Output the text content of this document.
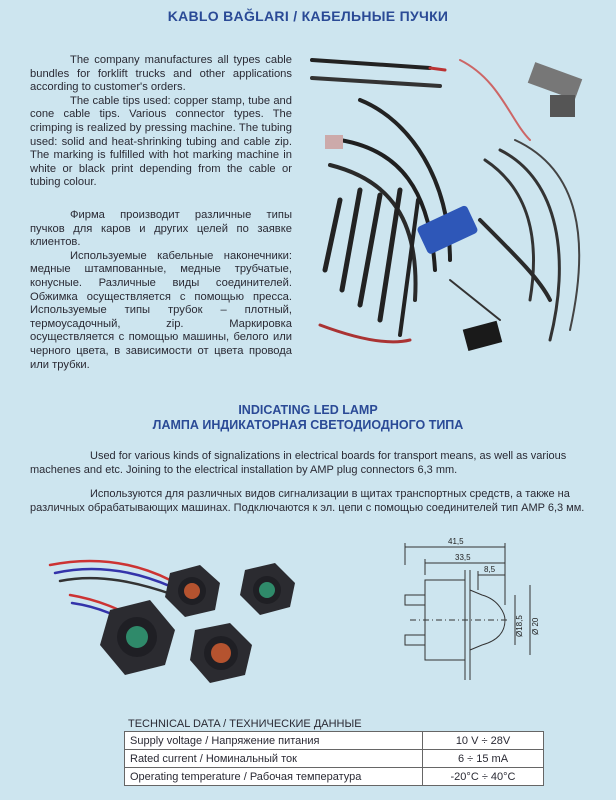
KABLO BAĞLARI / КАБЕЛЬНЫЕ ПУЧКИ

The company manufactures all types cable bundles for forklift trucks and other applications according to customer's orders.

The cable tips used: copper stamp, tube and cone cable tips. Various connector types. The crimping is realized by pressing machine. The tubing used: solid and heat-shrinking tubing and cable zip. The marking is fulfilled with hot marking machine in white or black print depending from the cable or tubing colour.

Фирма производит различные типы пучков для каров и других целей по заявке клиентов.

Используемые кабельные наконечники: медные штампованные, медные трубчатые, конусные. Различные виды соединителей. Обжимка осуществляется с помощью пресса. Используемые типы трубок – плотный, термоусадочный, zip. Маркировка осуществляется с помощью машины, белого или черного цвета, в зависимости от цвета провода или трубки.

INDICATING LED LAMP
ЛАМПА ИНДИКАТОРНАЯ СВЕТОДИОДНОГО ТИПА

Used for various kinds of signalizations in electrical boards for transport means, as well as various machenes and etc. Joining to the electrical installation by AMP plug connectors 6,3 mm.

Используются для различных видов сигнализации в щитах транспортных средств, а также на различных обрабатывающих машинах. Подключаются к эл. цепи с помощью соединителей тип AMP 6,3 мм.

41,5
33,5
8,5
Ø18,5 Ø 20
TECHNICAL DATA / ТЕХНИЧЕСКИЕ ДАННЫЕ
Supply voltage / Напряжение питания	10 V ÷ 28V
Rated current / Номинальный ток	6 ÷ 15 mA
Operating temperature / Рабочая температура	-20°C ÷ 40°C
